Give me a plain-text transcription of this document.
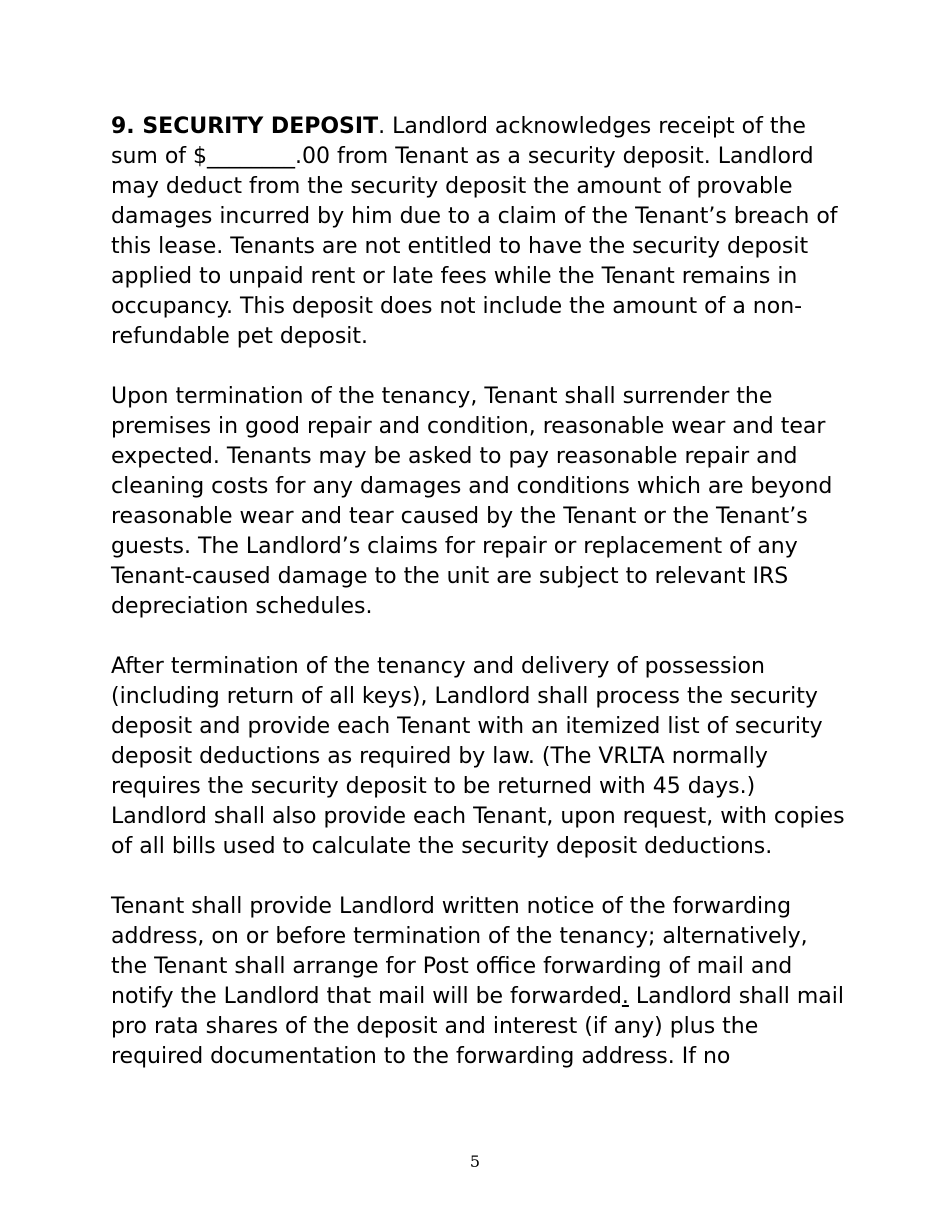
9. SECURITY DEPOSIT. Landlord acknowledges receipt of the sum of $________.00 from Tenant as a security deposit. Landlord may deduct from the security deposit the amount of provable damages incurred by him due to a claim of the Tenant’s breach of this lease. Tenants are not entitled to have the security deposit applied to unpaid rent or late fees while the Tenant remains in occupancy. This deposit does not include the amount of a non-refundable pet deposit.

Upon termination of the tenancy, Tenant shall surrender the premises in good repair and condition, reasonable wear and tear expected. Tenants may be asked to pay reasonable repair and cleaning costs for any damages and conditions which are beyond reasonable wear and tear caused by the Tenant or the Tenant’s guests. The Landlord’s claims for repair or replacement of any Tenant-caused damage to the unit are subject to relevant IRS depreciation schedules.

After termination of the tenancy and delivery of possession (including return of all keys), Landlord shall process the security deposit and provide each Tenant with an itemized list of security deposit deductions as required by law. (The VRLTA normally requires the security deposit to be returned with 45 days.) Landlord shall also provide each Tenant, upon request, with copies of all bills used to calculate the security deposit deductions.

Tenant shall provide Landlord written notice of the forwarding address, on or before termination of the tenancy; alternatively, the Tenant shall arrange for Post office forwarding of mail and notify the Landlord that mail will be forwarded. Landlord shall mail pro rata shares of the deposit and interest (if any) plus the required documentation to the forwarding address. If no

5
